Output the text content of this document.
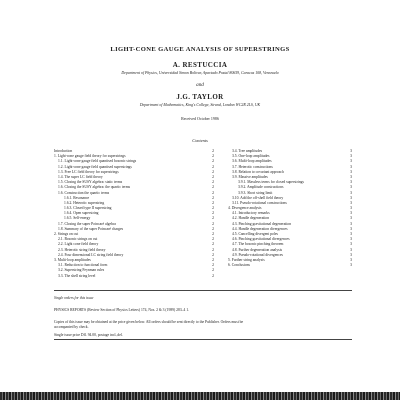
LIGHT-CONE GAUGE ANALYSIS OF SUPERSTRINGS
A. RESTUCCIA
Department of Physics, Universidad Simon Bolivar, Apartado Postal 80659, Caracas 108, Venezuela
and
J.G. TAYLOR
Department of Mathematics, King's College, Strand, London WC2R 2LS, UK
Received October 1986
Contents
Introduction	2
1. Light-cone gauge field theory for superstrings	2
1.1. Light-cone gauge field quantised bosonic strings	2
1.2. Light-cone gauge field quantised superstrings	2
1.3. Free LC field theory for superstrings	2
1.4. The super LC field theory	2
1.5. Closing the SUSY algebra: static terms	2
1.6. Closing the SUSY algebra: the quartic terms	2
1.6. Construction the quartic terms	2
1.6.1. Resonance	2
1.6.2. Heterotic superstring	2
1.6.3. Closed type II superstring	2
1.6.4. Open superstring	2
1.6.5. Self-energy	2
1.7. Closing the super Poincaré algebra	2
1.8. Summary of the super Poincaré charges	2
2. Strings on cut	2
2.1. Bosonic strings on cut	2
2.2. Light cone field theory	2
2.3. Heterotic string field theory	2
2.4. Four dimensional LC string field theory	2
3. Multi-loop amplitudes	2
3.1. Reduction to functional form	2
3.2. Superstring Feynman rules	2
3.3. The shell string level	2
3.4. Tree amplitudes	3
3.5. One-loop amplitudes	3
3.6. Multi-loop amplitudes	3
3.7. Heterotic constructions	3
3.8. Relation to covariant approach	3
3.9. Massive amplitudes	3
3.9.1. Massless terms for closed superstrings	3
3.9.2. Amplitude constructions	3
3.9.3. Short string limit	3
3.10. Add the off-shell field theory	3
3.11. Pseudo-rotational constructions	3
4. Divergence analysis	3
4.1. Introductory remarks	3
4.2. Handle degeneration	3
4.3. Pinching gravitational degeneration	3
4.4. Handle degeneration divergences	3
4.5. Cancelling divergent poles	3
4.6. Pinching gravitational divergences	3
4.7. The bosonic pinching theorem	3
4.8. Further degeneration analysis	3
4.9. Pseudo-rotational divergences	3
5. Further string analysis	3
6. Conclusions	3
Single orders for this issue
PHYSICS REPORTS (Review Section of Physics Letters) 174, Nos. 2 & 3 (1989) 283–4 1.
Copies of this issue may be obtained at the price given below. All orders should be sent directly to the Publisher. Orders must be
accompanied by check.
Single issue price Dfl. 94.00, postage incl.,del.
